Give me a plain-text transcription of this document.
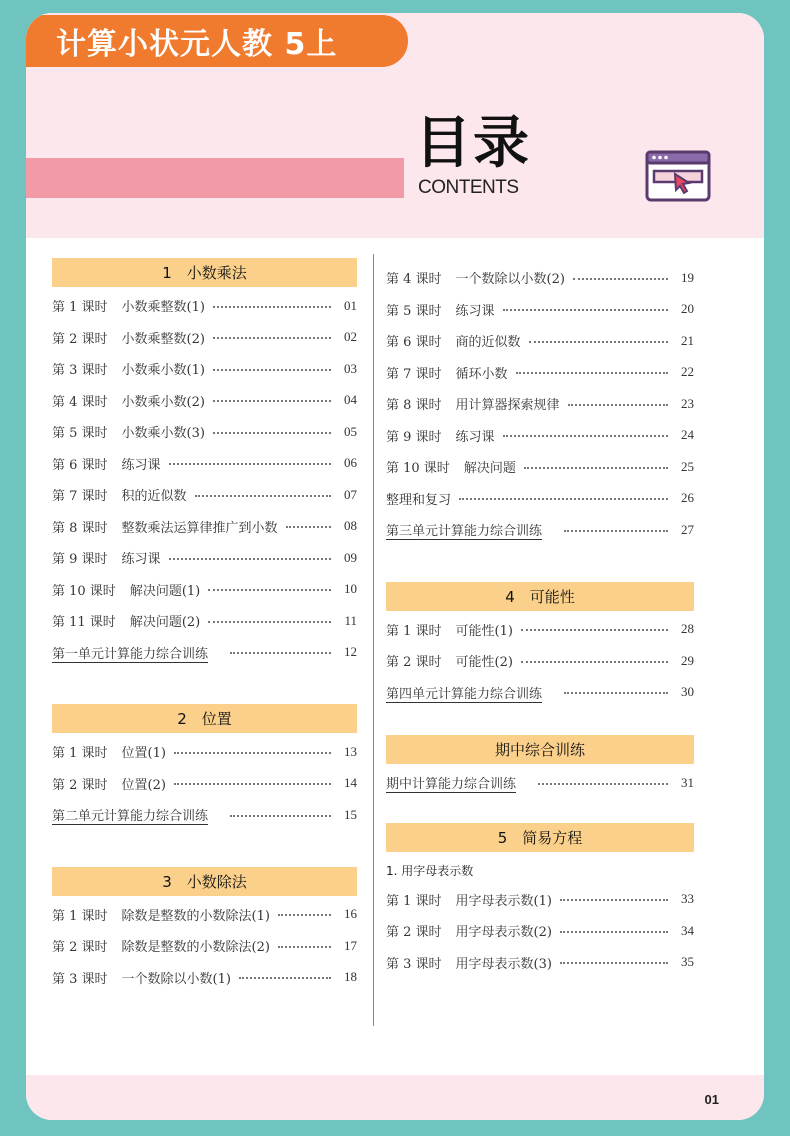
计算小状元人教 5上
目录
CONTENTS
01
1　小数乘法
第 1 课时 小数乘整数(1)	01
第 2 课时 小数乘整数(2)	02
第 3 课时 小数乘小数(1)	03
第 4 课时 小数乘小数(2)	04
第 5 课时 小数乘小数(3)	05
第 6 课时 练习课	06
第 7 课时 积的近似数	07
第 8 课时 整数乘法运算律推广到小数	08
第 9 课时 练习课	09
第 10 课时 解决问题(1)	10
第 11 课时 解决问题(2)	11
第一单元计算能力综合训练	12
2　位置
第 1 课时 位置(1)	13
第 2 课时 位置(2)	14
第二单元计算能力综合训练	15
3　小数除法
第 1 课时 除数是整数的小数除法(1)	16
第 2 课时 除数是整数的小数除法(2)	17
第 3 课时 一个数除以小数(1)	18
第 4 课时 一个数除以小数(2)	19
第 5 课时 练习课	20
第 6 课时 商的近似数	21
第 7 课时 循环小数	22
第 8 课时 用计算器探索规律	23
第 9 课时 练习课	24
第 10 课时 解决问题	25
整理和复习	26
第三单元计算能力综合训练	27
4　可能性
第 1 课时 可能性(1)	28
第 2 课时 可能性(2)	29
第四单元计算能力综合训练	30
期中综合训练
期中计算能力综合训练	31
5　简易方程
1. 用字母表示数
第 1 课时 用字母表示数(1)	33
第 2 课时 用字母表示数(2)	34
第 3 课时 用字母表示数(3)	35
